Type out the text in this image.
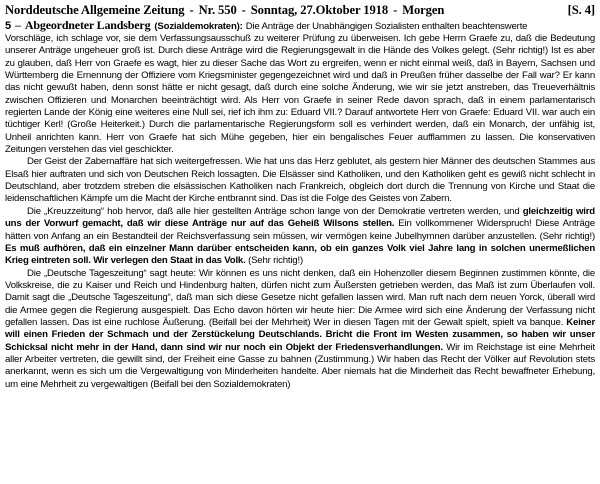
Norddeutsche Allgemeine Zeitung - Nr. 550 - Sonntag, 27.Oktober 1918 - Morgen	[S. 4]
5 – Abgeordneter Landsberg (Sozialdemokraten): Die Anträge der Unabhängigen Sozialisten enthalten beachtenswerte

Vorschläge, ich schlage vor, sie dem Verfassungsausschuß zu weiterer Prüfung zu überweisen. Ich gebe Herrn Graefe zu, daß die Bedeutung unserer Anträge ungeheuer groß ist. Durch diese Anträge wird die Regierungsgewalt in die Hände des Volkes gelegt. (Sehr richtig!) Ist es aber zu glauben, daß Herr von Graefe es wagt, hier zu dieser Sache das Wort zu ergreifen, wenn er nicht einmal weiß, daß in Bayern, Sachsen und Württemberg die Ernennung der Offiziere vom Kriegsminister gegengezeichnet wird und daß in Preußen früher dasselbe der Fall war? Er kann das nicht gewußt haben, denn sonst hätte er nicht gesagt, daß durch eine solche Änderung, wie wir sie jetzt anstreben, das Treueverhältnis zwischen Offizieren und Monarchen beeinträchtigt wird. Als Herr von Graefe in seiner Rede davon sprach, daß in einem parlamentarisch regierten Lande der König eine weiteres eine Null sei, rief ich ihm zu: Eduard VII.? Darauf antwortete Herr von Graefe: Eduard VII. war auch ein tüchtiger Kerl! (Große Heiterkeit.) Durch die parlamentarische Regierungsform soll es verhindert werden, daß ein Monarch, der unfähig ist, Unheil anrichten kann. Herr von Graefe hat sich Mühe gegeben, hier ein bengalisches Feuer aufflammen zu lassen. Die konservativen Zeitungen verstehen das viel geschickter.

Der Geist der Zabernaffäre hat sich weitergefressen. Wie hat uns das Herz geblutet, als gestern hier Männer des deutschen Stammes aus Elsaß hier auftraten und sich von Deutschen Reich lossagten. Die Elsässer sind Katholiken, und den Katholiken geht es gewiß nicht schlecht in Deutschland, aber trotzdem streben die elsässischen Katholiken nach Frankreich, obgleich dort durch die Trennung von Kirche und Staat die leidenschaftlichen Kämpfe um die Macht der Kirche entbrannt sind. Das ist die Folge des Geistes von Zabern.

Die „Kreuzzeitung“ hob hervor, daß alle hier gestellten Anträge schon lange von der Demokratie vertreten werden, und gleichzeitig wird uns der Vorwurf gemacht, daß wir diese Anträge nur auf das Geheiß Wilsons stellen. Ein vollkommener Widerspruch! Diese Anträge hätten von Anfang an ein Bestandteil der Reichsverfassung sein müssen, wir vermögen keine Jubelhymnen darüber anzustellen. (Sehr richtig!) Es muß aufhören, daß ein einzelner Mann darüber entscheiden kann, ob ein ganzes Volk viel Jahre lang in solchen unermeßlichen Krieg eintreten soll. Wir verlegen den Staat in das Volk. (Sehr richtig!)

Die „Deutsche Tageszeitung“ sagt heute: Wir können es uns nicht denken, daß ein Hohenzoller diesem Beginnen zustimmen könnte, die Volkskreise, die zu Kaiser und Reich und Hindenburg halten, dürfen nicht zum Äußersten getrieben werden, das Maß ist zum Überlaufen voll. Damit sagt die „Deutsche Tageszeitung“, daß man sich diese Gesetze nicht gefallen lassen wird. Man ruft nach dem neuen Yorck, überall wird die Armee gegen die Regierung ausgespielt. Das Echo davon hörten wir heute hier: Die Armee wird sich eine Änderung der Verfassung nicht gefallen lassen. Das ist eine ruchlose Äußerung. (Beifall bei der Mehrheit) Wer in diesen Tagen mit der Gewalt spielt, spielt va banque. Keiner will einen Frieden der Schmach und der Zerstückelung Deutschlands. Bricht die Front im Westen zusammen, so haben wir unser Schicksal nicht mehr in der Hand, dann sind wir nur noch ein Objekt der Friedensverhandlungen. Wir im Reichstage ist eine Mehrheit aller Arbeiter vertreten, die gewillt sind, der Freiheit eine Gasse zu bahnen (Zustimmung.) Wir haben das Recht der Völker auf Revolution stets anerkannt, wenn es sich um die Vergewaltigung von Minderheiten handelte. Aber niemals hat die Minderheit das Recht bewaffneter Erhebung, um eine Mehrheit zu vergewaltigen (Beifall bei den Sozialdemokraten)
